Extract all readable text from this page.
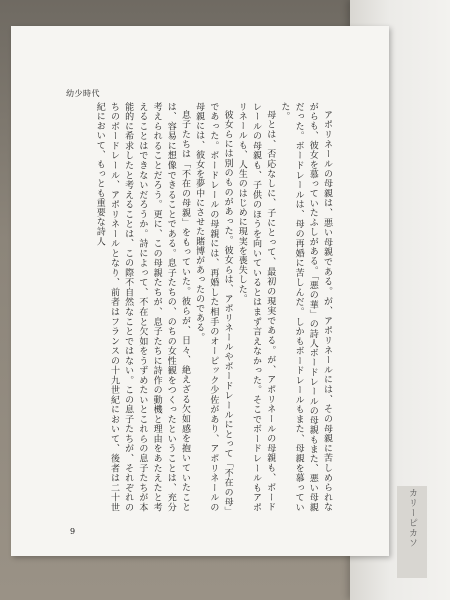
カリーピカソ
幼少時代

アポリネールの母親は、悪い母親である。が、アポリネールには、その母親に苦しめられながらも、彼女を慕っていたふしがある。「悪の華」の詩人ボードレールの母親もまた、悪い母親だった。ボードレールは、母の再婚に苦しんだ。しかもボードレールもまた、母親を慕っていた。

母とは、否応なしに、子にとって、最初の現実である。が、アポリネールの母親も、ボードレールの母親も、子供のほうを向いているとはまず言えなかった。そこでボードレールもアポリネールも、人生のはじめに現実を喪失した。

彼女らには別のものがあった。彼女らは、アポリネールやボードレールにとって「不在の母」であった。ボードレールの母親には、再婚した相手のオーピック少佐があり、アポリネールの母親には、彼女を夢中にさせた賭博があったのである。

息子たちは「不在の母親」をもっていた。彼らが、日々、絶えざる欠如感を抱いていたことは、容易に想像できることである。息子たちの、のちの女性観をつくったということは、充分考えられることだろう。更に、この母親たちが、息子たちに詩作の動機と理由をあたえたと考えることはできないだろうか。詩によって、不在と欠如をうずめたいとこれらの息子たちが本能的に希求したと考えることは、この際不自然なことではない。この息子たちが、それぞれのちのボードレール、アポリネールとなり、前者はフランスの十九世紀において、後者は二十世紀において、もっとも重要な詩人

9
